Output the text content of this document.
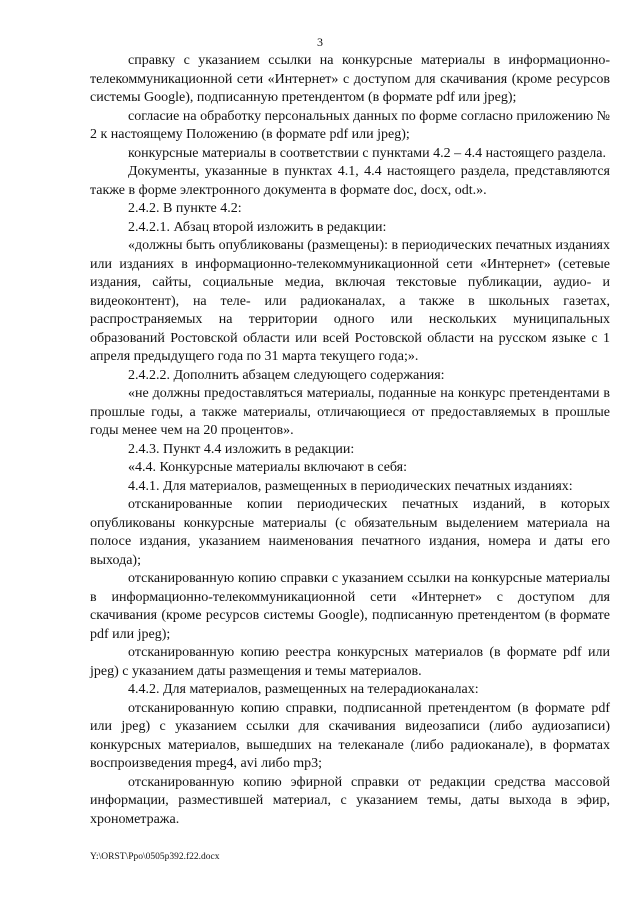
3

справку с указанием ссылки на конкурсные материалы в информационно-телекоммуникационной сети «Интернет» с доступом для скачивания (кроме ресурсов системы Google), подписанную претендентом (в формате pdf или jpeg);

согласие на обработку персональных данных по форме согласно приложению № 2 к настоящему Положению (в формате pdf или jpeg);

конкурсные материалы в соответствии с пунктами 4.2 – 4.4 настоящего раздела.

Документы, указанные в пунктах 4.1, 4.4 настоящего раздела, представляются также в форме электронного документа в формате doc, docx, odt.».

2.4.2. В пункте 4.2:

2.4.2.1. Абзац второй изложить в редакции:

«должны быть опубликованы (размещены): в периодических печатных изданиях или изданиях в информационно-телекоммуникационной сети «Интернет» (сетевые издания, сайты, социальные медиа, включая текстовые публикации, аудио- и видеоконтент), на теле- или радиоканалах, а также в школьных газетах, распространяемых на территории одного или нескольких муниципальных образований Ростовской области или всей Ростовской области на русском языке с 1 апреля предыдущего года по 31 марта текущего года;».

2.4.2.2. Дополнить абзацем следующего содержания:

«не должны предоставляться материалы, поданные на конкурс претендентами в прошлые годы, а также материалы, отличающиеся от предоставляемых в прошлые годы менее чем на 20 процентов».

2.4.3. Пункт 4.4 изложить в редакции:

«4.4. Конкурсные материалы включают в себя:

4.4.1. Для материалов, размещенных в периодических печатных изданиях:

отсканированные копии периодических печатных изданий, в которых опубликованы конкурсные материалы (с обязательным выделением материала на полосе издания, указанием наименования печатного издания, номера и даты его выхода);

отсканированную копию справки с указанием ссылки на конкурсные материалы в информационно-телекоммуникационной сети «Интернет» с доступом для скачивания (кроме ресурсов системы Google), подписанную претендентом (в формате pdf или jpeg);

отсканированную копию реестра конкурсных материалов (в формате pdf или jpeg) с указанием даты размещения и темы материалов.

4.4.2. Для материалов, размещенных на телерадиоканалах:

отсканированную копию справки, подписанной претендентом (в формате pdf или jpeg) с указанием ссылки для скачивания видеозаписи (либо аудиозаписи) конкурсных материалов, вышедших на телеканале (либо радиоканале), в форматах воспроизведения mpeg4, avi либо mp3;

отсканированную копию эфирной справки от редакции средства массовой информации, разместившей материал, с указанием темы, даты выхода в эфир, хронометража.

Y:\ORST\Ppo\0505p392.f22.docx
